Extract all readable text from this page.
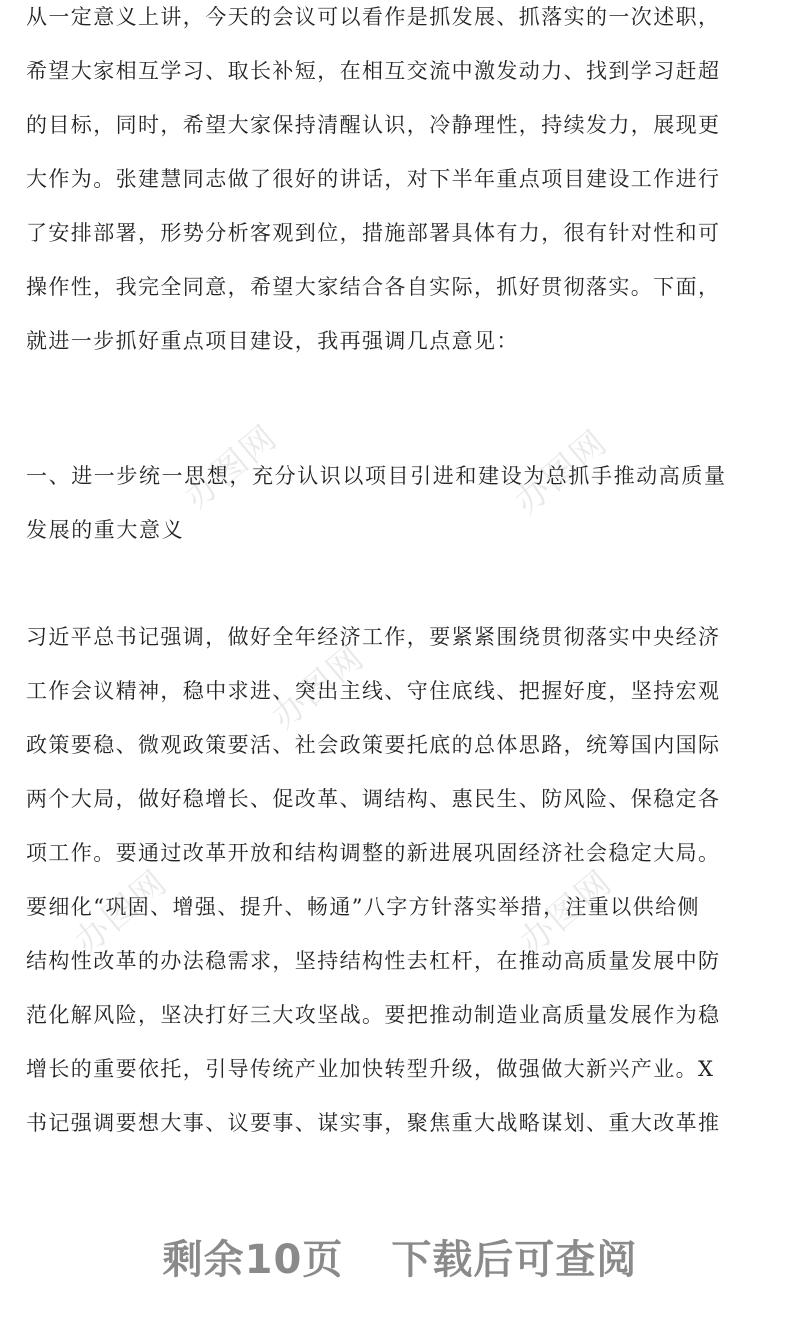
办图网	办图网
办图网
办图网	办图网
从一定意义上讲，今天的会议可以看作是抓发展、抓落实的一次述职，
希望大家相互学习、取长补短，在相互交流中激发动力、找到学习赶超
的目标，同时，希望大家保持清醒认识，冷静理性，持续发力，展现更
大作为。张建慧同志做了很好的讲话，对下半年重点项目建设工作进行
了安排部署，形势分析客观到位，措施部署具体有力，很有针对性和可
操作性，我完全同意，希望大家结合各自实际，抓好贯彻落实。下面，
就进一步抓好重点项目建设，我再强调几点意见：
一、进一步统一思想，充分认识以项目引进和建设为总抓手推动高质量
发展的重大意义
习近平总书记强调，做好全年经济工作，要紧紧围绕贯彻落实中央经济
工作会议精神，稳中求进、突出主线、守住底线、把握好度，坚持宏观
政策要稳、微观政策要活、社会政策要托底的总体思路，统筹国内国际
两个大局，做好稳增长、促改革、调结构、惠民生、防风险、保稳定各
项工作。要通过改革开放和结构调整的新进展巩固经济社会稳定大局。
要细化“巩固、增强、提升、畅通”八字方针落实举措，注重以供给侧
结构性改革的办法稳需求，坚持结构性去杠杆，在推动高质量发展中防
范化解风险，坚决打好三大攻坚战。要把推动制造业高质量发展作为稳
增长的重要依托，引导传统产业加快转型升级，做强做大新兴产业。X
书记强调要想大事、议要事、谋实事，聚焦重大战略谋划、重大改革推
剩余10页 下载后可查阅
